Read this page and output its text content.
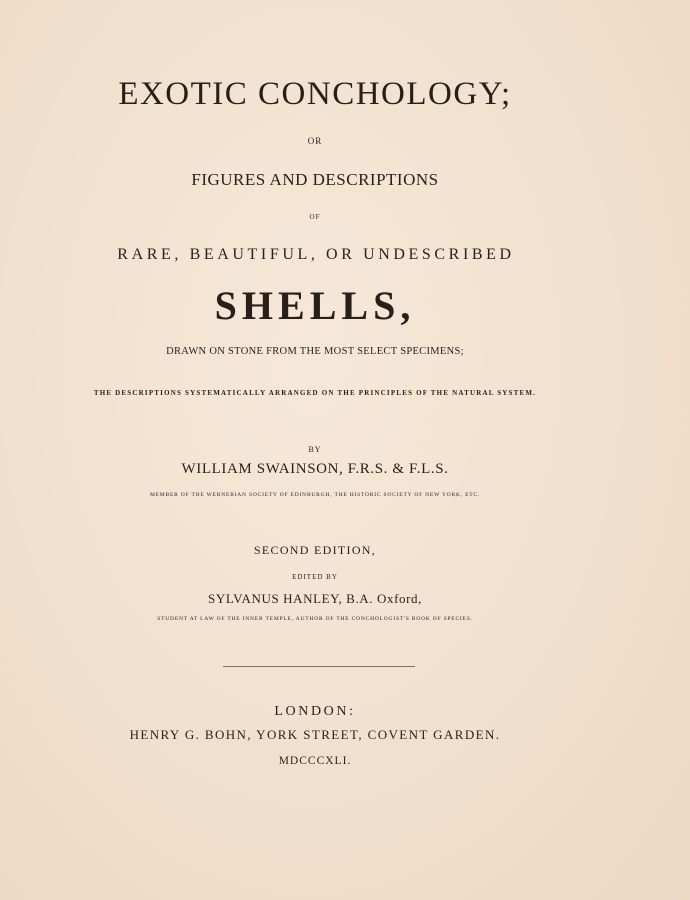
EXOTIC CONCHOLOGY;
OR
FIGURES AND DESCRIPTIONS
OF
RARE, BEAUTIFUL, OR UNDESCRIBED
SHELLS,
DRAWN ON STONE FROM THE MOST SELECT SPECIMENS;
THE DESCRIPTIONS SYSTEMATICALLY ARRANGED ON THE PRINCIPLES OF THE NATURAL SYSTEM.
BY
WILLIAM SWAINSON, F.R.S. & F.L.S.
MEMBER OF THE WERNERIAN SOCIETY OF EDINBURGH, THE HISTORIC SOCIETY OF NEW YORK, ETC.
SECOND EDITION,
EDITED BY
SYLVANUS HANLEY, B.A. Oxford,
STUDENT AT LAW OF THE INNER TEMPLE, AUTHOR OF THE CONCHOLOGIST'S BOOK OF SPECIES.
LONDON:
HENRY G. BOHN, YORK STREET, COVENT GARDEN.
MDCCCXLI.
